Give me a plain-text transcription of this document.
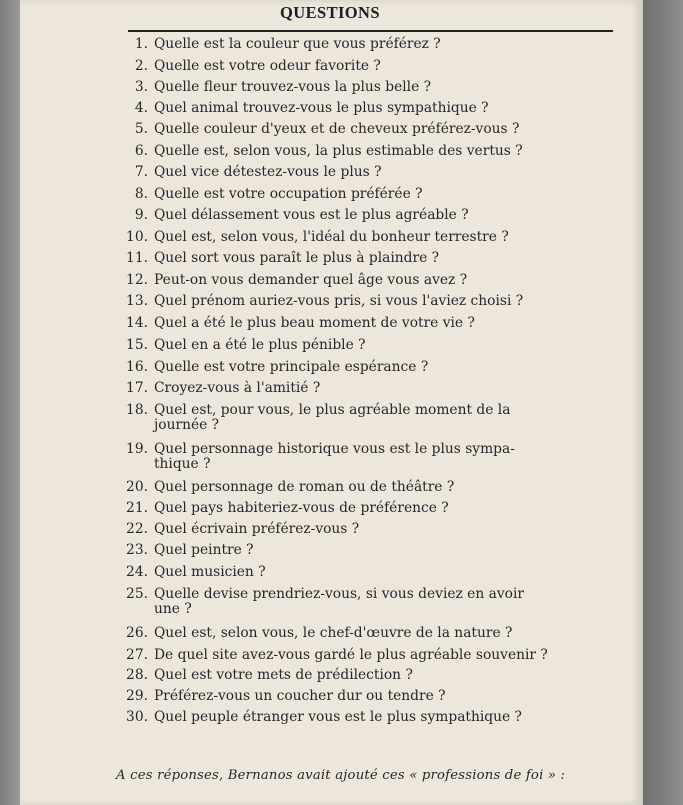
QUESTIONS
1. Quelle est la couleur que vous préférez ?
2. Quelle est votre odeur favorite ?
3. Quelle fleur trouvez-vous la plus belle ?
4. Quel animal trouvez-vous le plus sympathique ?
5. Quelle couleur d'yeux et de cheveux préférez-vous ?
6. Quelle est, selon vous, la plus estimable des vertus ?
7. Quel vice détestez-vous le plus ?
8. Quelle est votre occupation préférée ?
9. Quel délassement vous est le plus agréable ?
10. Quel est, selon vous, l'idéal du bonheur terrestre ?
11. Quel sort vous paraît le plus à plaindre ?
12. Peut-on vous demander quel âge vous avez ?
13. Quel prénom auriez-vous pris, si vous l'aviez choisi ?
14. Quel a été le plus beau moment de votre vie ?
15. Quel en a été le plus pénible ?
16. Quelle est votre principale espérance ?
17. Croyez-vous à l'amitié ?
18. Quel est, pour vous, le plus agréable moment de la
journée ?
19. Quel personnage historique vous est le plus sympa-
thique ?
20. Quel personnage de roman ou de théâtre ?
21. Quel pays habiteriez-vous de préférence ?
22. Quel écrivain préférez-vous ?
23. Quel peintre ?
24. Quel musicien ?
25. Quelle devise prendriez-vous, si vous deviez en avoir
une ?
26. Quel est, selon vous, le chef-d'œuvre de la nature ?
27. De quel site avez-vous gardé le plus agréable souvenir ?
28. Quel est votre mets de prédilection ?
29. Préférez-vous un coucher dur ou tendre ?
30. Quel peuple étranger vous est le plus sympathique ?
A ces réponses, Bernanos avait ajouté ces « professions de foi » :
